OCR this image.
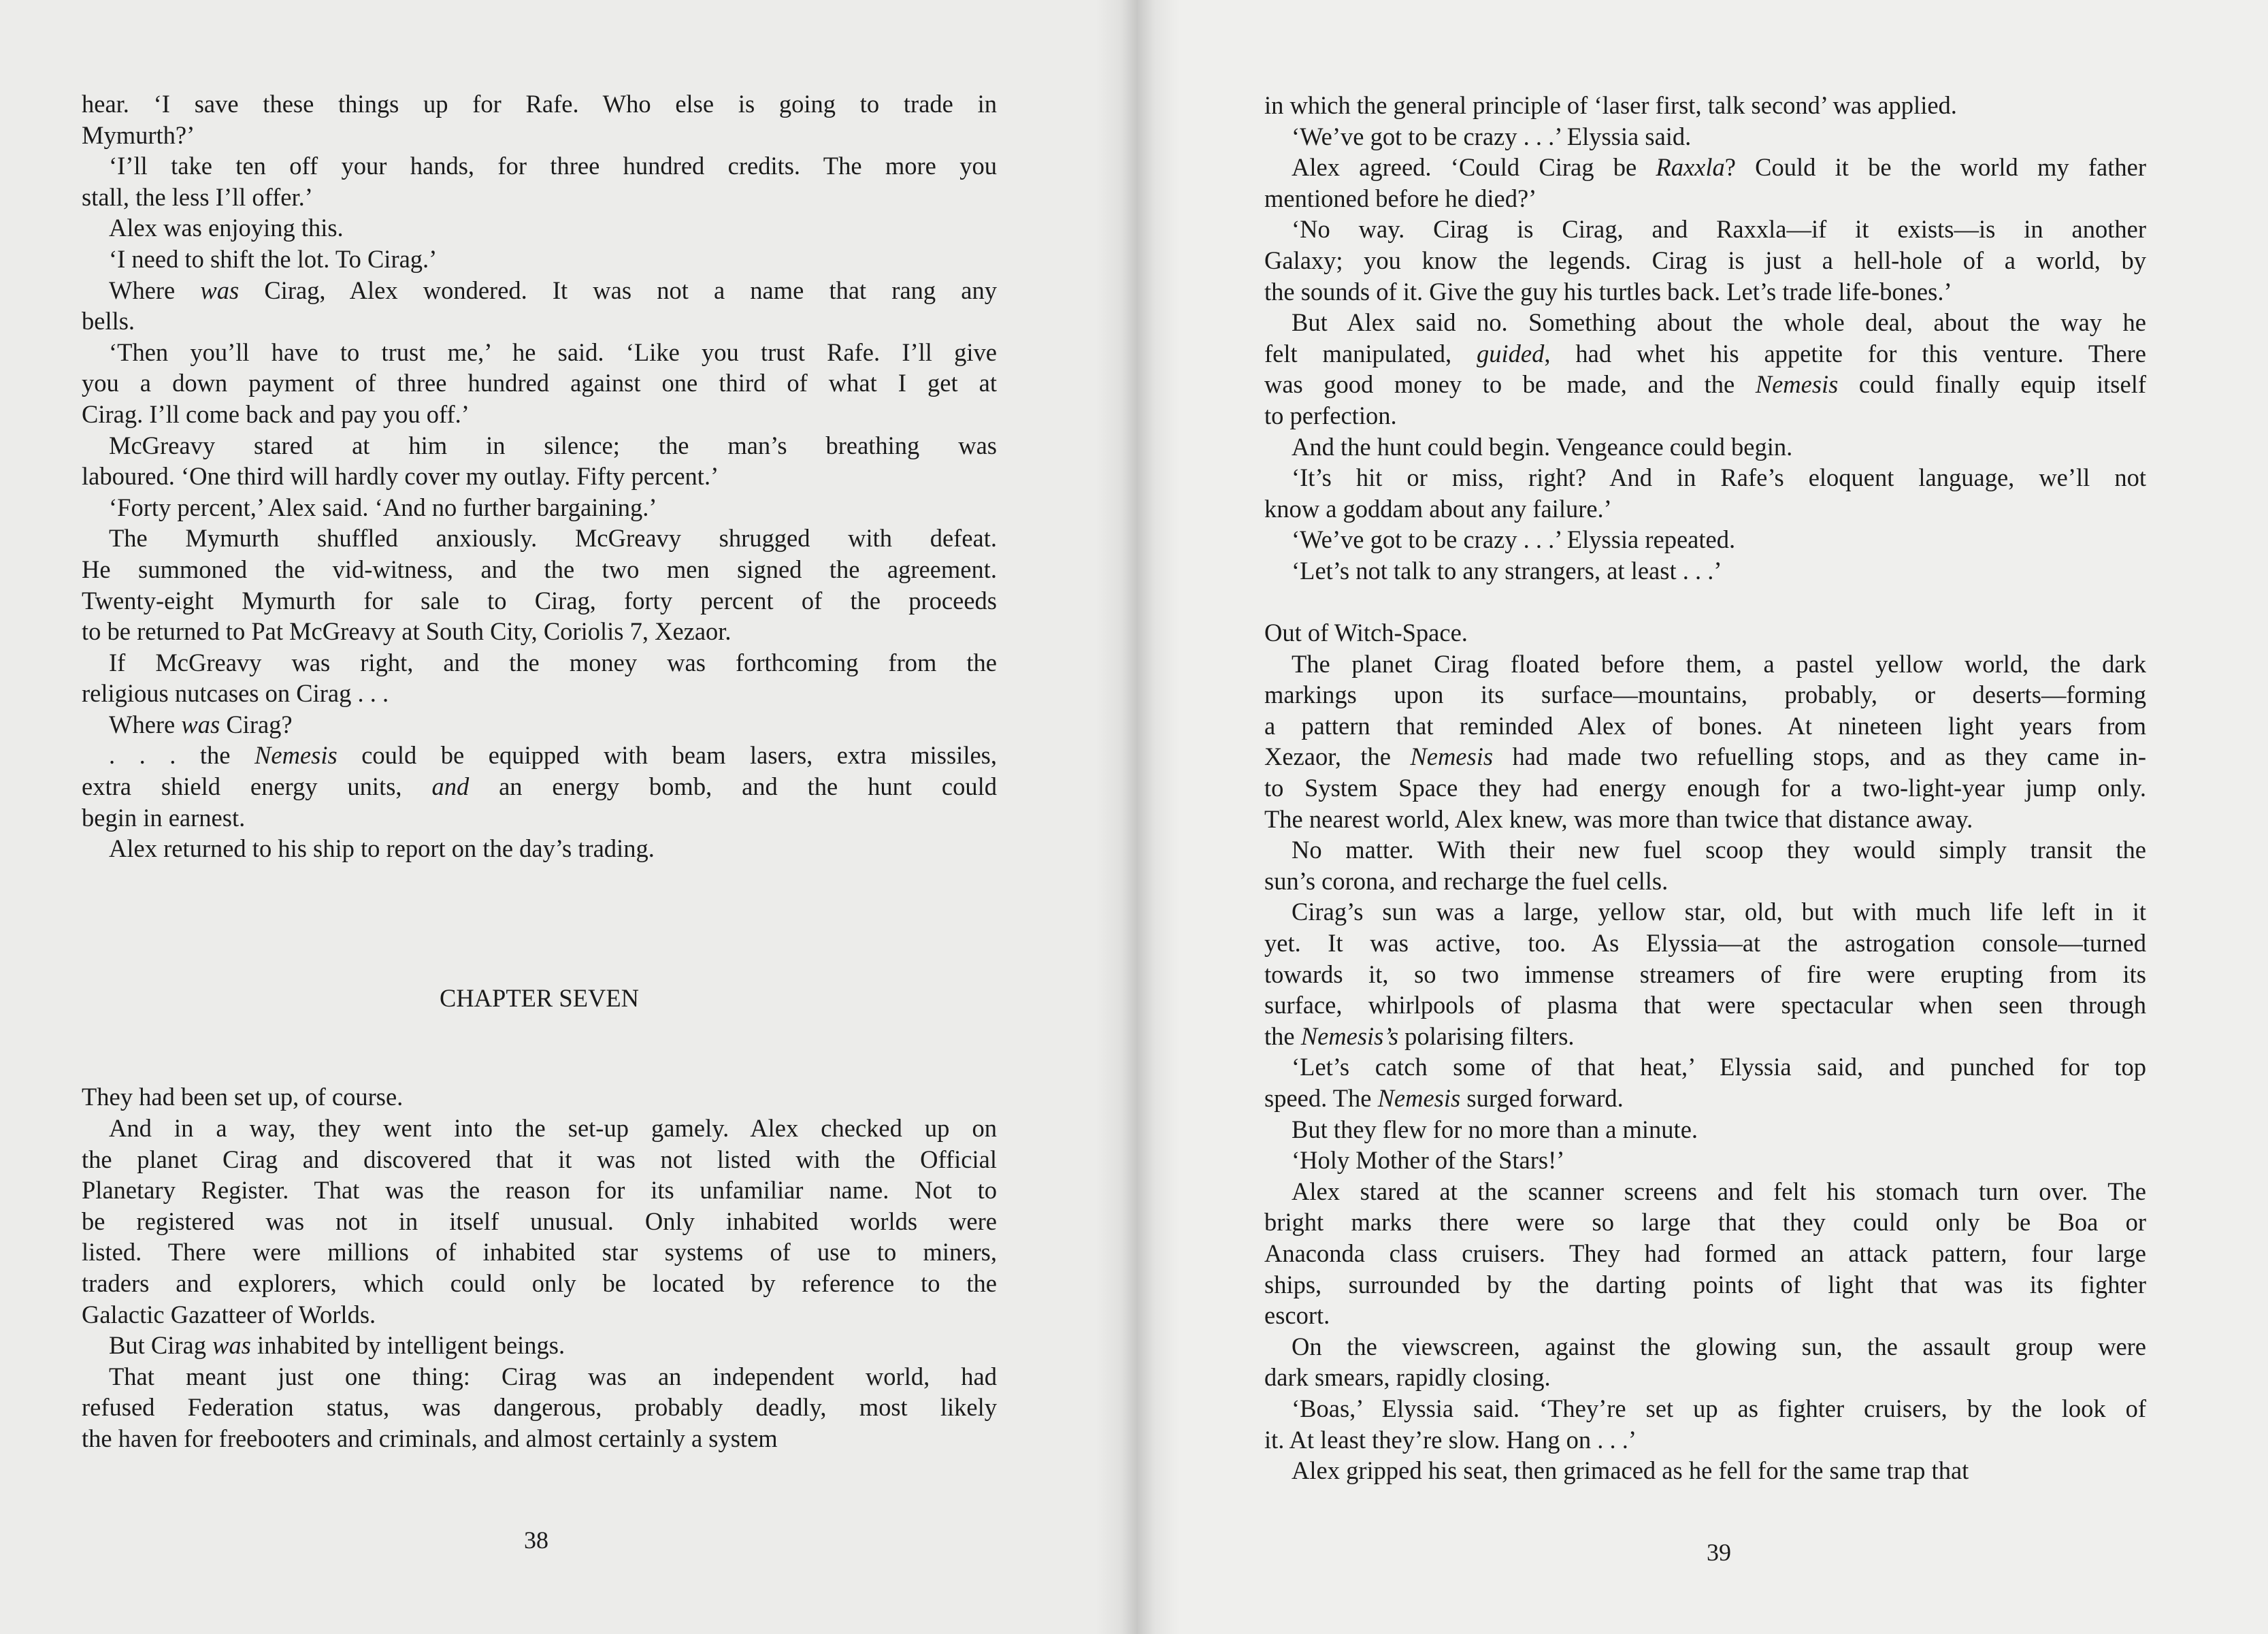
hear. ‘I save these things up for Rafe. Who else is going to trade in

Mymurth?’

‘I’ll take ten off your hands, for three hundred credits. The more you

stall, the less I’ll offer.’

Alex was enjoying this.

‘I need to shift the lot. To Cirag.’

Where was Cirag, Alex wondered. It was not a name that rang any

bells.

‘Then you’ll have to trust me,’ he said. ‘Like you trust Rafe. I’ll give

you a down payment of three hundred against one third of what I get at

Cirag. I’ll come back and pay you off.’

McGreavy stared at him in silence; the man’s breathing was

laboured. ‘One third will hardly cover my outlay. Fifty percent.’

‘Forty percent,’ Alex said. ‘And no further bargaining.’

The Mymurth shuffled anxiously. McGreavy shrugged with defeat.

He summoned the vid-witness, and the two men signed the agreement.

Twenty-eight Mymurth for sale to Cirag, forty percent of the proceeds

to be returned to Pat McGreavy at South City, Coriolis 7, Xezaor.

If McGreavy was right, and the money was forthcoming from the

religious nutcases on Cirag . . .

Where was Cirag?

. . . the Nemesis could be equipped with beam lasers, extra missiles,

extra shield energy units, and an energy bomb, and the hunt could

begin in earnest.

Alex returned to his ship to report on the day’s trading.

CHAPTER SEVEN

They had been set up, of course.

And in a way, they went into the set-up gamely. Alex checked up on

the planet Cirag and discovered that it was not listed with the Official

Planetary Register. That was the reason for its unfamiliar name. Not to

be registered was not in itself unusual. Only inhabited worlds were

listed. There were millions of inhabited star systems of use to miners,

traders and explorers, which could only be located by reference to the

Galactic Gazatteer of Worlds.

But Cirag was inhabited by intelligent beings.

That meant just one thing: Cirag was an independent world, had

refused Federation status, was dangerous, probably deadly, most likely

the haven for freebooters and criminals, and almost certainly a system

38

in which the general principle of ‘laser first, talk second’ was applied.

‘We’ve got to be crazy . . .’ Elyssia said.

Alex agreed. ‘Could Cirag be Raxxla? Could it be the world my father

mentioned before he died?’

‘No way. Cirag is Cirag, and Raxxla—if it exists—is in another

Galaxy; you know the legends. Cirag is just a hell-hole of a world, by

the sounds of it. Give the guy his turtles back. Let’s trade life-bones.’

But Alex said no. Something about the whole deal, about the way he

felt manipulated, guided, had whet his appetite for this venture. There

was good money to be made, and the Nemesis could finally equip itself

to perfection.

And the hunt could begin. Vengeance could begin.

‘It’s hit or miss, right? And in Rafe’s eloquent language, we’ll not

know a goddam about any failure.’

‘We’ve got to be crazy . . .’ Elyssia repeated.

‘Let’s not talk to any strangers, at least . . .’

Out of Witch-Space.

The planet Cirag floated before them, a pastel yellow world, the dark

markings upon its surface—mountains, probably, or deserts—forming

a pattern that reminded Alex of bones. At nineteen light years from

Xezaor, the Nemesis had made two refuelling stops, and as they came in-

to System Space they had energy enough for a two-light-year jump only.

The nearest world, Alex knew, was more than twice that distance away.

No matter. With their new fuel scoop they would simply transit the

sun’s corona, and recharge the fuel cells.

Cirag’s sun was a large, yellow star, old, but with much life left in it

yet. It was active, too. As Elyssia—at the astrogation console—turned

towards it, so two immense streamers of fire were erupting from its

surface, whirlpools of plasma that were spectacular when seen through

the Nemesis’s polarising filters.

‘Let’s catch some of that heat,’ Elyssia said, and punched for top

speed. The Nemesis surged forward.

But they flew for no more than a minute.

‘Holy Mother of the Stars!’

Alex stared at the scanner screens and felt his stomach turn over. The

bright marks there were so large that they could only be Boa or

Anaconda class cruisers. They had formed an attack pattern, four large

ships, surrounded by the darting points of light that was its fighter

escort.

On the viewscreen, against the glowing sun, the assault group were

dark smears, rapidly closing.

‘Boas,’ Elyssia said. ‘They’re set up as fighter cruisers, by the look of

it. At least they’re slow. Hang on . . .’

Alex gripped his seat, then grimaced as he fell for the same trap that

39
